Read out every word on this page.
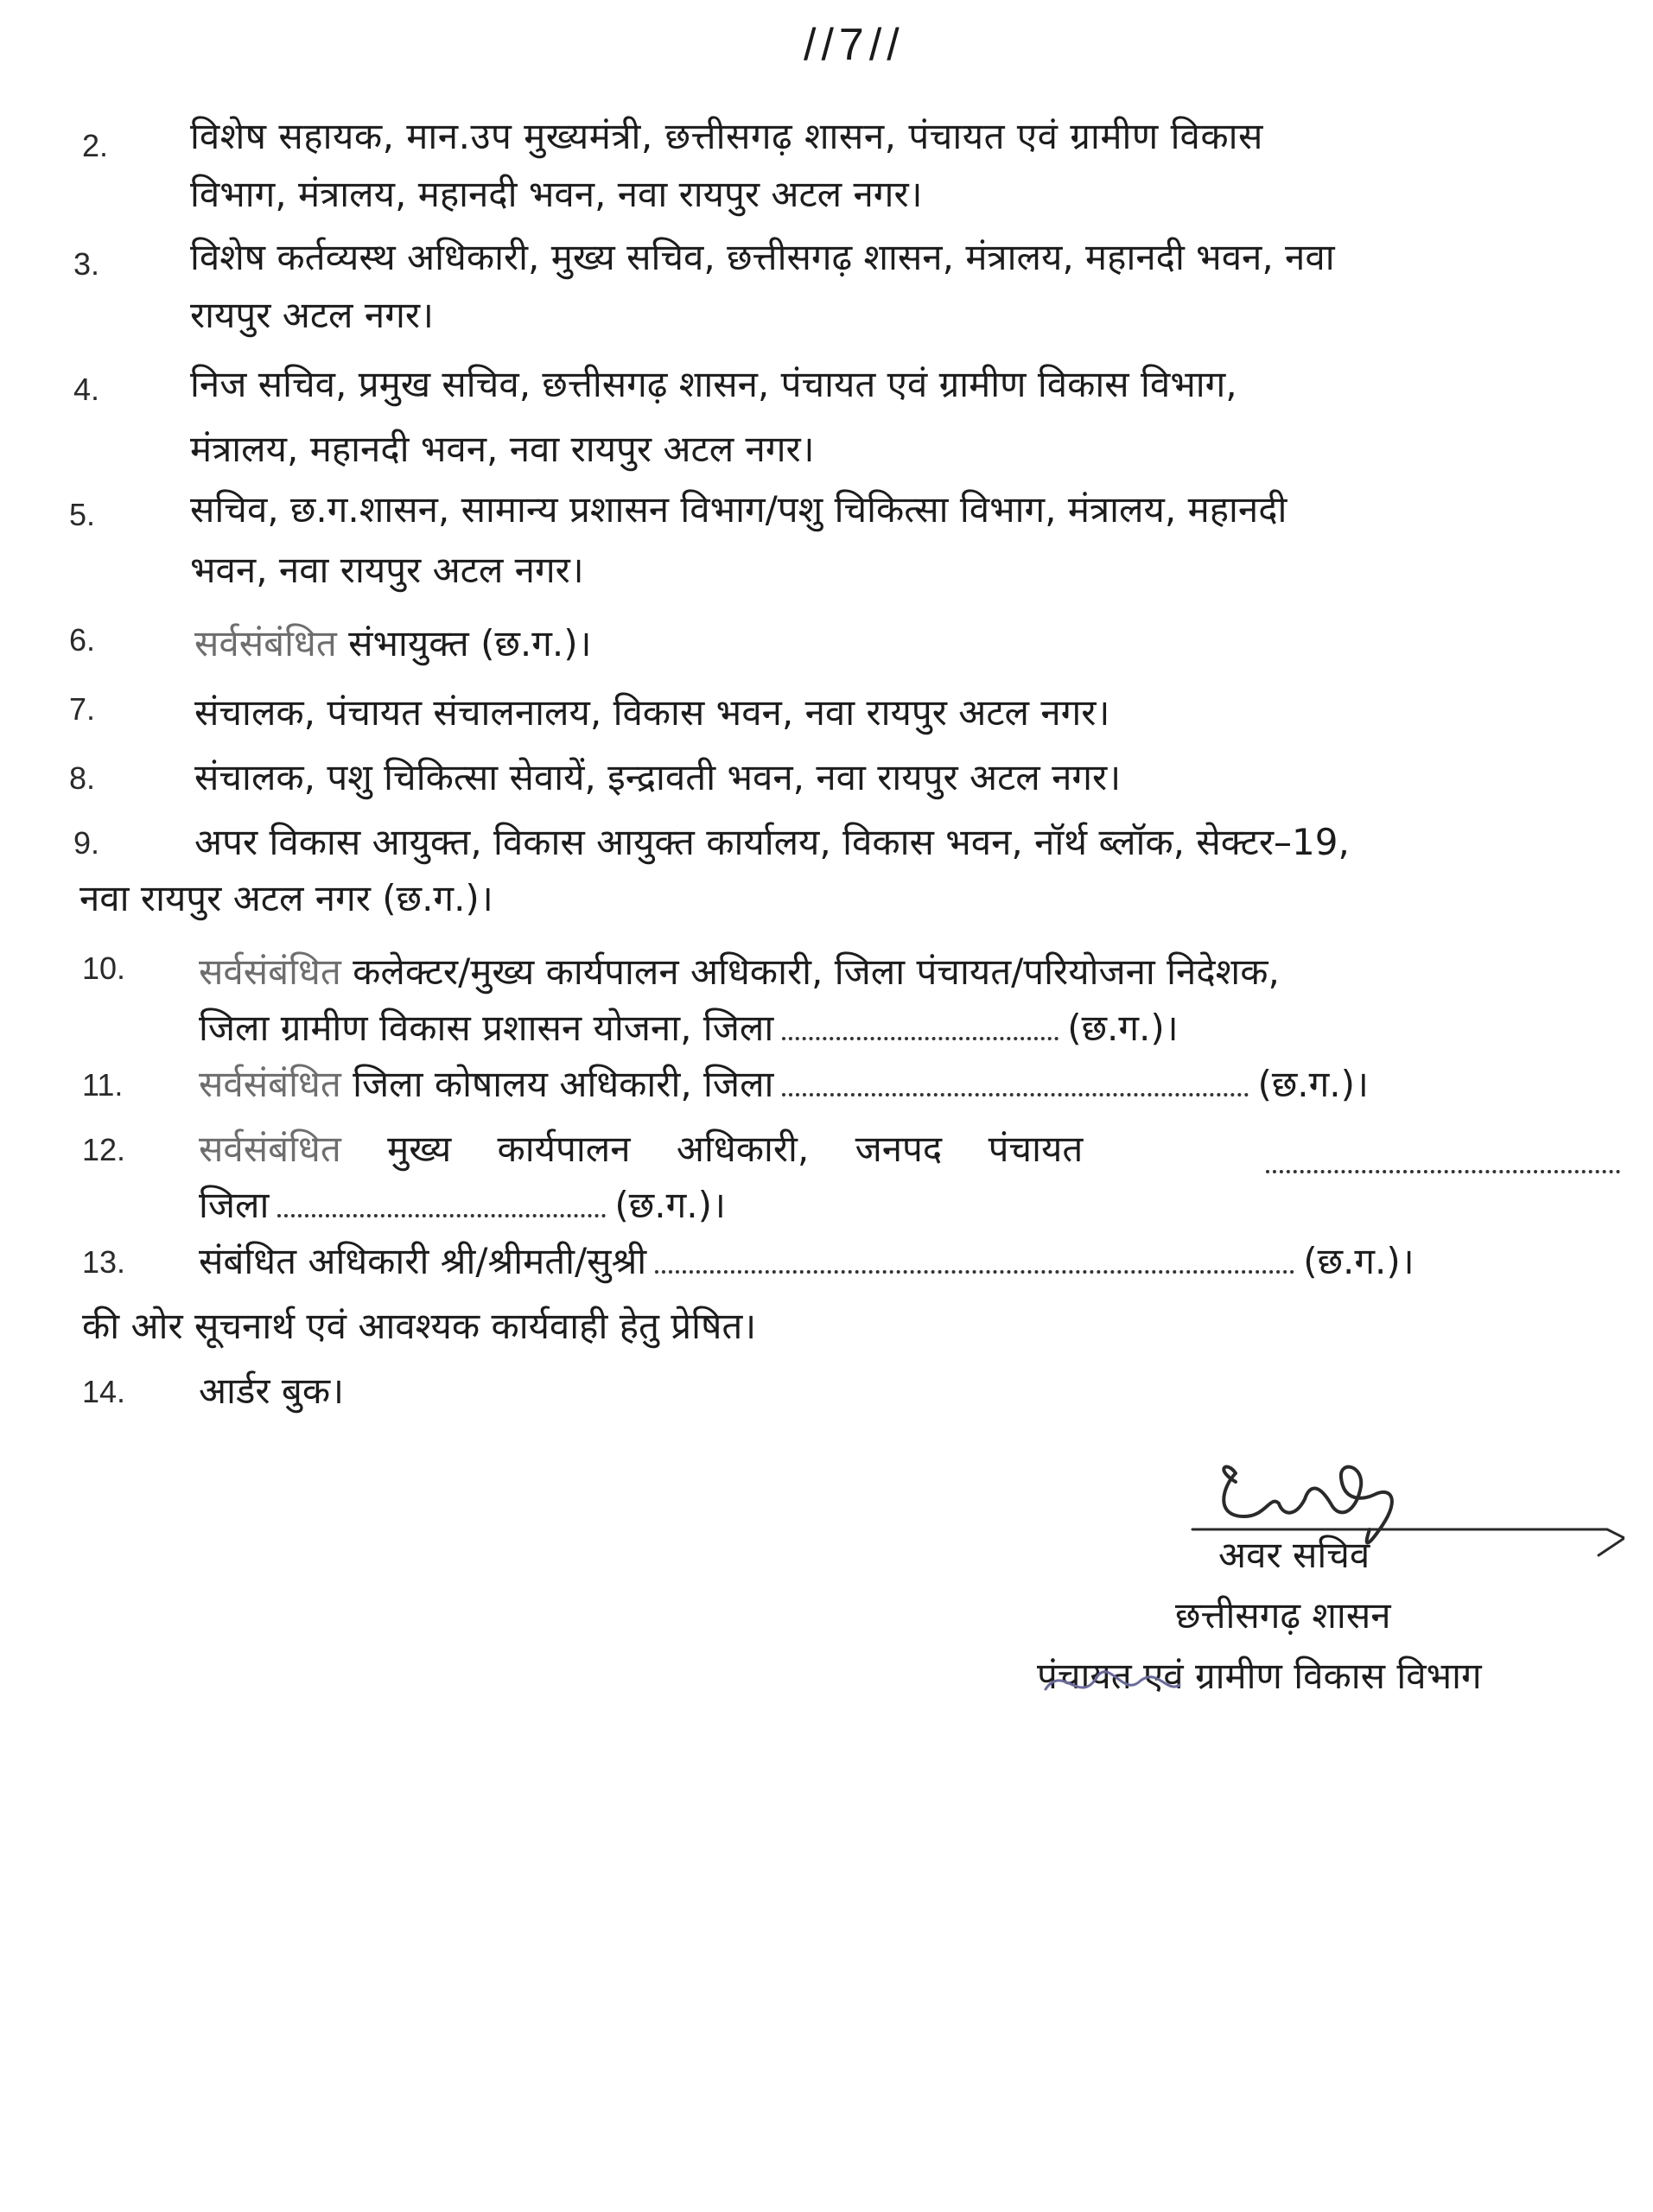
//7//
2. विशेष सहायक, मान.उप मुख्यमंत्री, छत्तीसगढ़ शासन, पंचायत एवं ग्रामीण विकास
विभाग, मंत्रालय, महानदी भवन, नवा रायपुर अटल नगर।
3. विशेष कर्तव्यस्थ अधिकारी, मुख्य सचिव, छत्तीसगढ़ शासन, मंत्रालय, महानदी भवन, नवा
रायपुर अटल नगर।
4. निज सचिव, प्रमुख सचिव, छत्तीसगढ़ शासन, पंचायत एवं ग्रामीण विकास विभाग,
मंत्रालय, महानदी भवन, नवा रायपुर अटल नगर।
5.	सचिव, छ.ग.शासन, सामान्य प्रशासन विभाग/पशु चिकित्सा विभाग, मंत्रालय, महानदी
भवन, नवा रायपुर अटल नगर।
6.	सर्वसंबंधित संभायुक्त (छ.ग.)।
7.	संचालक, पंचायत संचालनालय, विकास भवन, नवा रायपुर अटल नगर।
8.	संचालक, पशु चिकित्सा सेवायें, इन्द्रावती भवन, नवा रायपुर अटल नगर।
9.	अपर विकास आयुक्त, विकास आयुक्त कार्यालय, विकास भवन, नॉर्थ ब्लॉक, सेक्टर–19,
नवा रायपुर अटल नगर (छ.ग.)।
10. सर्वसंबंधित कलेक्टर/मुख्य कार्यपालन अधिकारी, जिला पंचायत/परियोजना निदेशक,
जिला ग्रामीण विकास प्रशासन योजना, जिला	(छ.ग.)।
11. सर्वसंबंधित जिला कोषालय अधिकारी, जिला	(छ.ग.)।
12. सर्वसंबंधित मुख्य कार्यपालन अधिकारी, जनपद पंचायत
जिला	(छ.ग.)।
13. संबंधित अधिकारी श्री/श्रीमती/सुश्री	(छ.ग.)।
की ओर सूचनार्थ एवं आवश्यक कार्यवाही हेतु प्रेषित।
14. आर्डर बुक।
अवर सचिव
छत्तीसगढ़ शासन
पंचायत एवं ग्रामीण विकास विभाग
